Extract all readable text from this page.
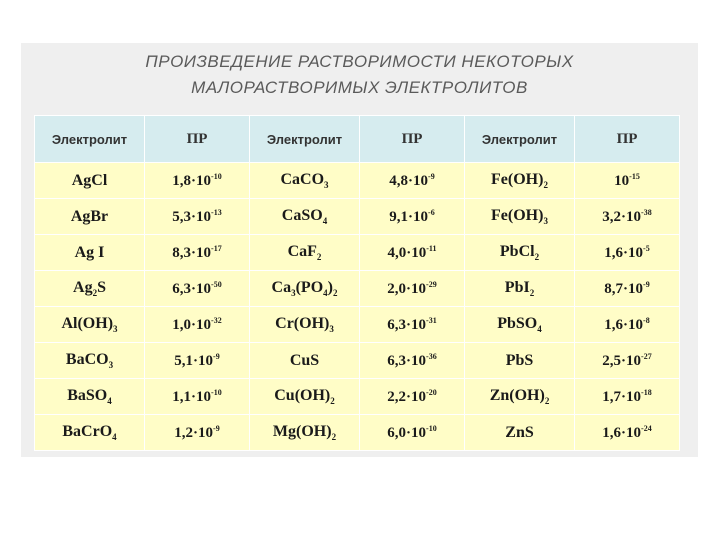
ПРОИЗВЕДЕНИЕ РАСТВОРИМОСТИ НЕКОТОРЫХ
МАЛОРАСТВОРИМЫХ ЭЛЕКТРОЛИТОВ
Электролит	ПР	Электролит	ПР	Электролит	ПР
AgCl	$1,8\cdot 10^{-10}$	CaCO$_3$	$4,8\cdot 10^{-9}$	$Fe(OH)_2$	$10^{-15}$
AgBr	$5,3\cdot 10^{-13}$	CaSO$_4$	$9,1\cdot 10^{-6}$	$Fe(OH)_3$	$3,2\cdot 10^{-38}$
Ag I	$8,3\cdot 10^{-17}$	CaF$_2$	$4,0\cdot 10^{-11}$	PbCl$_2$	$1,6\cdot 10^{-5}$
$Ag_2S$	$6,3\cdot 10^{-50}$	$Ca_3(PO_4)_2$	$2,0\cdot 10^{-29}$	PbI$_2$	$8,7\cdot 10^{-9}$
$Al(OH)_3$	$1,0\cdot 10^{-32}$	$Cr(OH)_3$	$6,3\cdot 10^{-31}$	PbSO$_4$	$1,6\cdot 10^{-8}$
BaCO$_3$	$5,1\cdot 10^{-9}$	CuS	$6,3\cdot 10^{-36}$	PbS	$2,5\cdot 10^{-27}$
BaSO$_4$	$1,1\cdot 10^{-10}$	$Cu(OH)_2$	$2,2\cdot 10^{-20}$	$Zn(OH)_2$	$1,7\cdot 10^{-18}$
BaCrO$_4$	$1,2\cdot 10^{-9}$	$Mg(OH)_2$	$6,0\cdot 10^{-10}$	ZnS	$1,6\cdot 10^{-24}$
